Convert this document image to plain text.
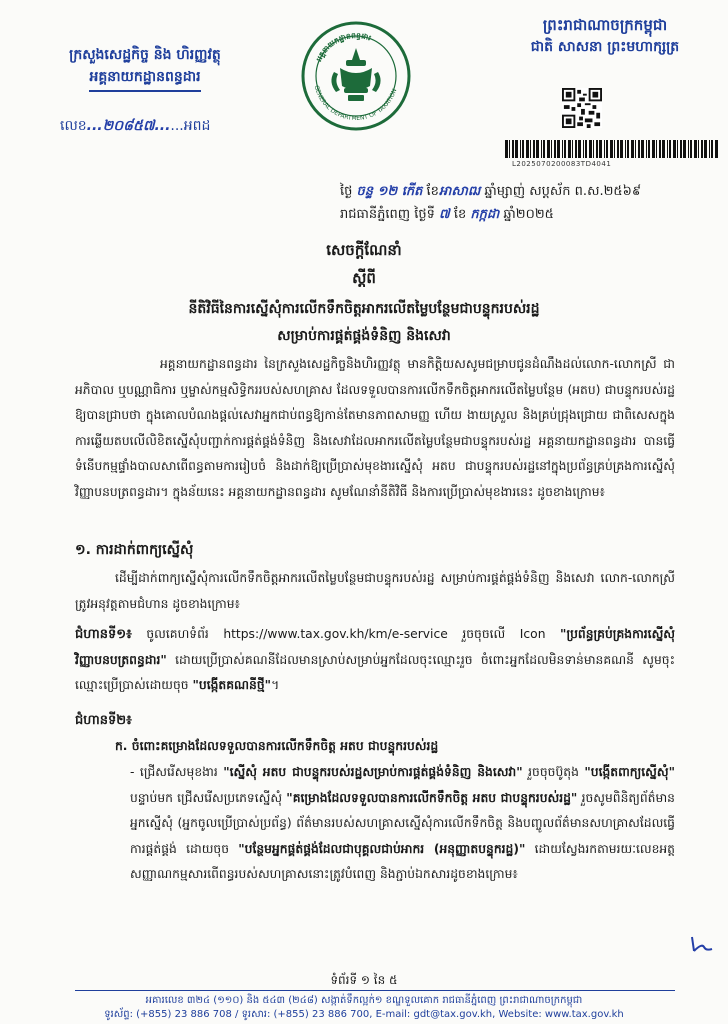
ព្រះរាជាណាចក្រកម្ពុជា
ជាតិ សាសនា ព្រះមហាក្សត្រ
ក្រសួងសេដ្ឋកិច្ច និង ហិរញ្ញវត្ថុ
អគ្គនាយកដ្ឋានពន្ធដារ
លេខ...២០៨៥៧......អពដ
GENERAL DEPARTMENT OF TAXATION
អគ្គនាយកដ្ឋានពន្ធដារ
L2025070200083TD4041
ថ្ងៃ ចន្ទ ១២ កើត ខែអាសាឍ ឆ្នាំម្សាញ់ សប្តស័ក ព.ស.២៥៦៩
រាជធានីភ្នំពេញ ថ្ងៃទី ៧ ខែ កក្កដា ឆ្នាំ២០២៥
សេចក្តីណែនាំ
ស្តីពី
នីតិវិធីនៃការស្នើសុំការលើកទឹកចិត្តអាករលើតម្លៃបន្ថែមជាបន្ទុករបស់រដ្ឋ
សម្រាប់ការផ្គត់ផ្គង់ទំនិញ និងសេវា
អគ្គនាយកដ្ឋានពន្ធដារ នៃក្រសួងសេដ្ឋកិច្ចនិងហិរញ្ញវត្ថុ មានកិត្តិយសសូមជម្រាបជូនដំណឹងដល់លោក-លោកស្រី ជាអភិបាល ឬបណ្ណាធិការ ឬម្ចាស់កម្មសិទ្ធិកររបស់សហគ្រាស ដែលទទួលបានការលើកទឹកចិត្តអាករលើតម្លៃបន្ថែម (អតប) ជាបន្ទុករបស់រដ្ឋ ឱ្យបានជ្រាបថា ក្នុងគោលបំណងផ្តល់សេវាអ្នកជាប់ពន្ធឱ្យកាន់តែមានភាពសាមញ្ញ ហើយ ងាយស្រួល និងគ្រប់ជ្រុងជ្រោយ ជាពិសេសក្នុងការឆ្លើយតបលើលិខិតស្នើសុំបញ្ជាក់ការផ្គត់ផ្គង់ទំនិញ និងសេវាដែលអាករលើតម្លៃបន្ថែមជាបន្ទុករបស់រដ្ឋ អគ្គនាយកដ្ឋានពន្ធដារ បានធ្វើទំនើបកម្មផ្ទាំងបាលសាពើពន្ធតាមការរៀបចំ និងដាក់ឱ្យប្រើប្រាស់មុខងារស្នើសុំ អតប ជាបន្ទុករបស់រដ្ឋនៅក្នុងប្រព័ន្ធគ្រប់គ្រងការស្នើសុំវិញ្ញាបនបត្រពន្ធដារ។ ក្នុងន័យនេះ អគ្គនាយកដ្ឋានពន្ធដារ សូមណែនាំនីតិវិធី និងការប្រើប្រាស់មុខងារនេះ ដូចខាងក្រោម៖
១. ការដាក់ពាក្យស្នើសុំ
ដើម្បីដាក់ពាក្យស្នើសុំការលើកទឹកចិត្តអាករលើតម្លៃបន្ថែមជាបន្ទុករបស់រដ្ឋ សម្រាប់ការផ្គត់ផ្គង់ទំនិញ និងសេវា លោក-លោកស្រី ត្រូវអនុវត្តតាមជំហាន ដូចខាងក្រោម៖
ជំហានទី១៖ ចូលគេហទំព័រ https://www.tax.gov.kh/km/e-service រួចចុចលើ Icon "ប្រព័ន្ធគ្រប់គ្រងការស្នើសុំវិញ្ញាបនបត្រពន្ធដារ" ដោយប្រើប្រាស់គណនីដែលមានស្រាប់សម្រាប់អ្នកដែលចុះឈ្មោះរួច ចំពោះអ្នកដែលមិនទាន់មានគណនី សូមចុះឈ្មោះប្រើប្រាស់ដោយចុច "បង្កើតគណនីថ្មី"។
ជំហានទី២៖
ក. ចំពោះគម្រោងដែលទទួលបានការលើកទឹកចិត្ត អតប ជាបន្ទុករបស់រដ្ឋ
- ជ្រើសរើសមុខងារ "ស្នើសុំ អតប ជាបន្ទុករបស់រដ្ឋសម្រាប់ការផ្គត់ផ្គង់ទំនិញ និងសេវា" រួចចុចប៊ូតុង "បង្កើតពាក្យស្នើសុំ" បន្ទាប់មក ជ្រើសរើសប្រភេទស្នើសុំ "គម្រោងដែលទទួលបានការលើកទឹកចិត្ត អតប ជាបន្ទុករបស់រដ្ឋ" រួចសូមពិនិត្យព័ត៌មានអ្នកស្នើសុំ (អ្នកចូលប្រើប្រាស់ប្រព័ន្ធ) ព័ត៌មានរបស់សហគ្រាសស្នើសុំការលើកទឹកចិត្ត និងបញ្ចូលព័ត៌មានសហគ្រាសដែលធ្វើការផ្គត់ផ្គង់ ដោយចុច "បន្ថែមអ្នកផ្គត់ផ្គង់ដែលជាបុគ្គលជាប់អាករ (អនុញ្ញាតបន្ទុករដ្ឋ)" ដោយស្វែងរកតាមរយៈលេខអត្តសញ្ញាណកម្មសារពើពន្ធរបស់សហគ្រាសនោះត្រូវបំពេញ និងភ្ជាប់ឯកសារដូចខាងក្រោម៖
ទំព័រទី ១ នៃ ៥
អគារលេខ ៣២៤ (១១០) និង ៥៤៣ (២៤៨) សង្កាត់ទឹកល្អក់១ ខណ្ឌទួលគោក រាជធានីភ្នំពេញ ព្រះរាជាណាចក្រកម្ពុជា
ទូរស័ព្ទ: (+855) 23 886 708 / ទូរសារ: (+855) 23 886 700, E-mail: gdt@tax.gov.kh, Website: www.tax.gov.kh
